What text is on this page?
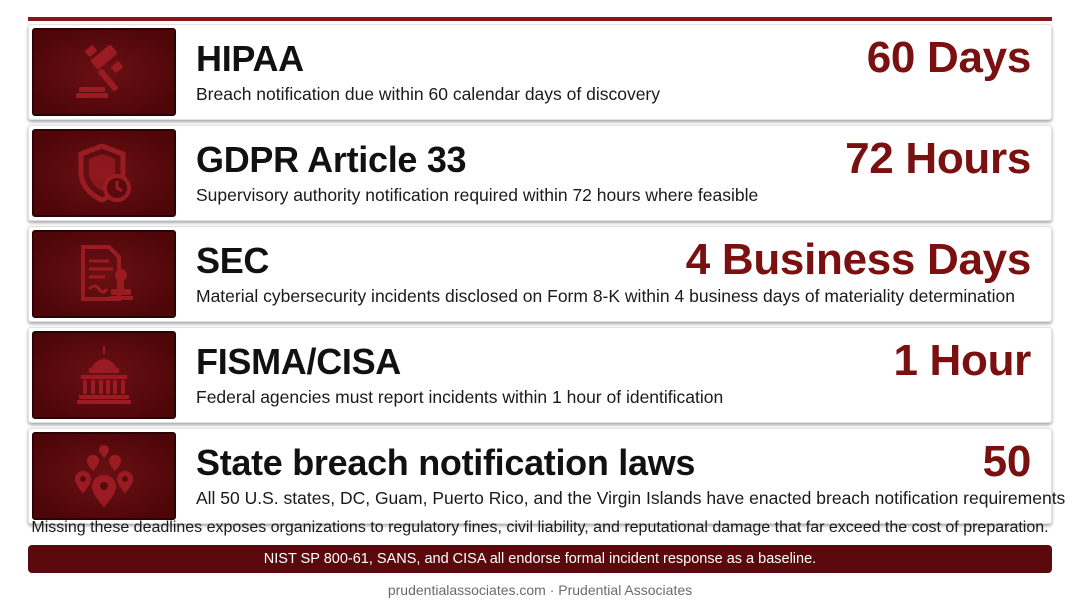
HIPAA
Breach notification due within 60 calendar days of discovery
60 Days
GDPR Article 33
Supervisory authority notification required within 72 hours where feasible
72 Hours
SEC
Material cybersecurity incidents disclosed on Form 8-K within 4 business days of materiality determination
4 Business Days
FISMA/CISA
Federal agencies must report incidents within 1 hour of identification
1 Hour
State breach notification laws
All 50 U.S. states, DC, Guam, Puerto Rico, and the Virgin Islands have enacted breach notification requirements
50
Missing these deadlines exposes organizations to regulatory fines, civil liability, and reputational damage that far exceed the cost of preparation.
NIST SP 800-61, SANS, and CISA all endorse formal incident response as a baseline.
prudentialassociates.com · Prudential Associates
